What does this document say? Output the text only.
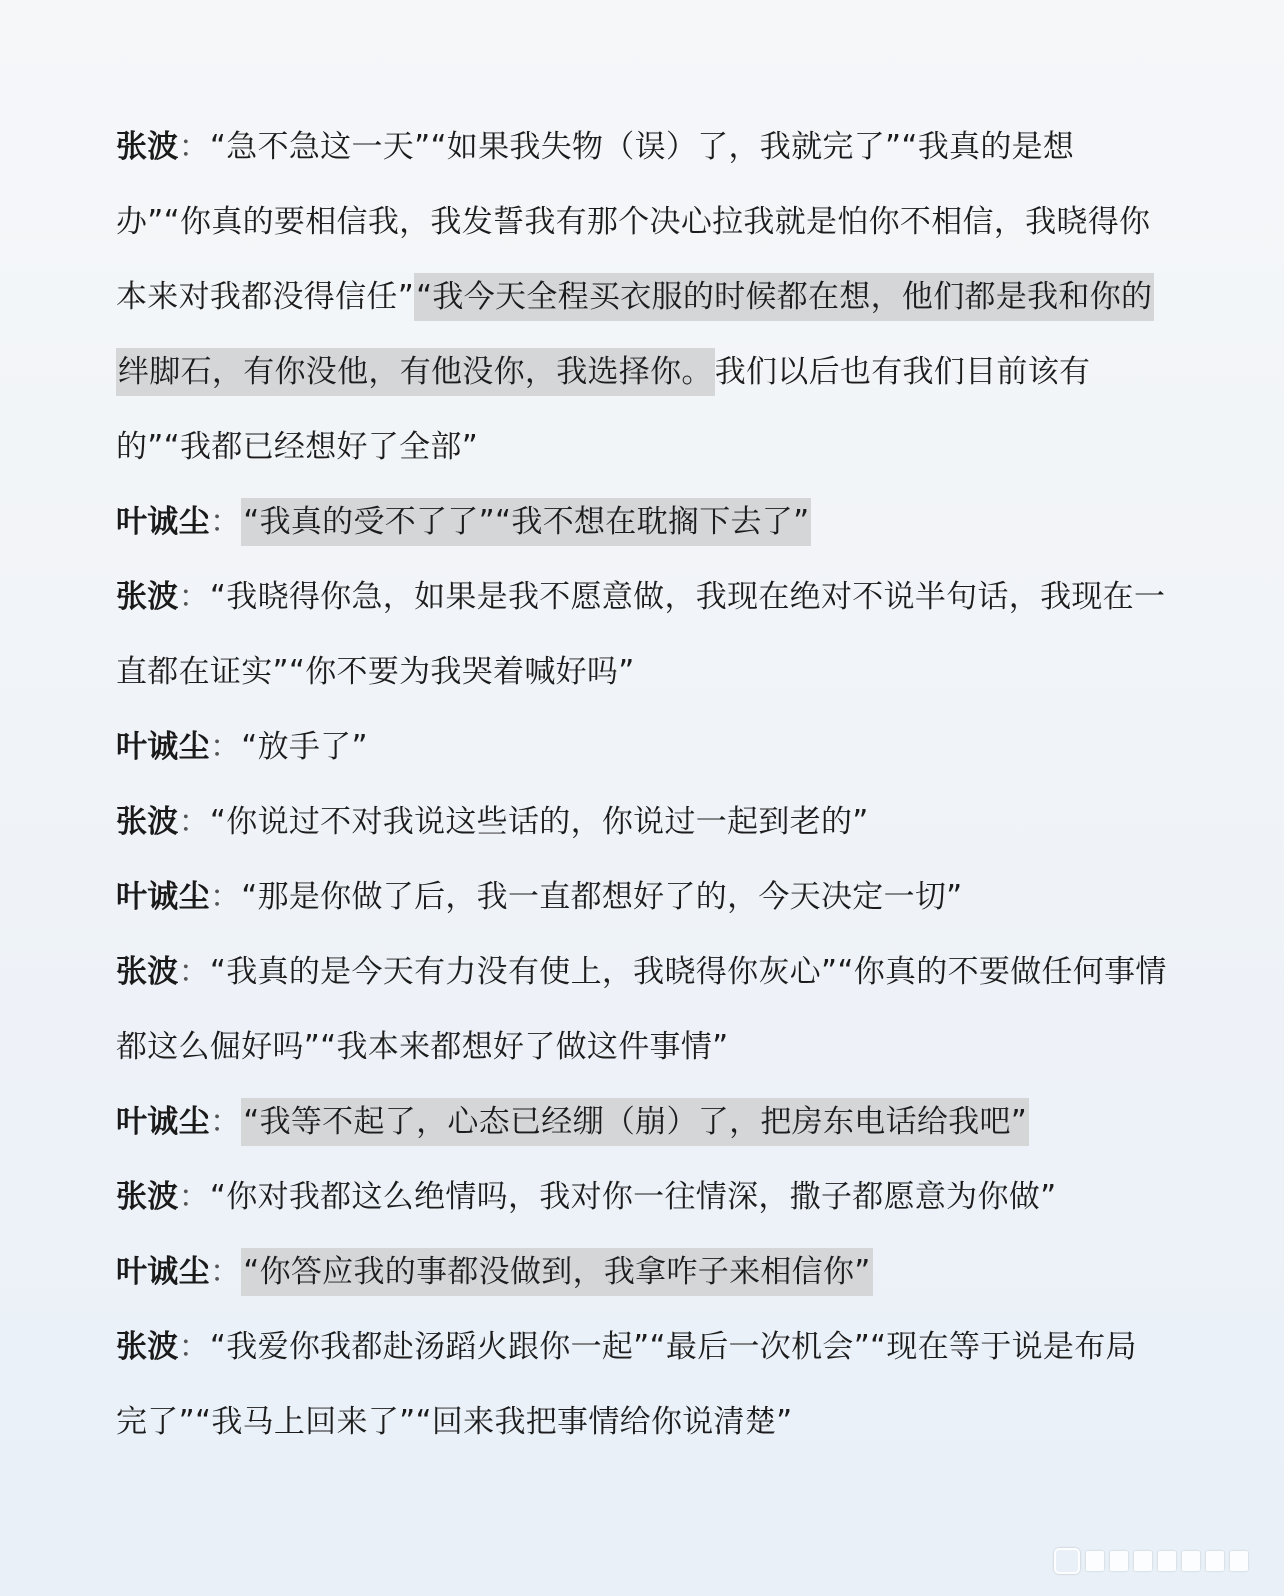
张波：“急不急这一天”“如果我失物（误）了，我就完了”“我真的是想办”“你真的要相信我，我发誓我有那个决心拉我就是怕你不相信，我晓得你本来对我都没得信任”“我今天全程买衣服的时候都在想，他们都是我和你的绊脚石，有你没他，有他没你，我选择你。我们以后也有我们目前该有的”“我都已经想好了全部”

叶诚尘：“我真的受不了了”“我不想在耽搁下去了”

张波：“我晓得你急，如果是我不愿意做，我现在绝对不说半句话，我现在一直都在证实”“你不要为我哭着喊好吗”

叶诚尘：“放手了”

张波：“你说过不对我说这些话的，你说过一起到老的”

叶诚尘：“那是你做了后，我一直都想好了的，今天决定一切”

张波：“我真的是今天有力没有使上，我晓得你灰心”“你真的不要做任何事情都这么倔好吗”“我本来都想好了做这件事情”

叶诚尘：“我等不起了，心态已经绷（崩）了，把房东电话给我吧”

张波：“你对我都这么绝情吗，我对你一往情深，撒子都愿意为你做”

叶诚尘：“你答应我的事都没做到，我拿咋子来相信你”

张波：“我爱你我都赴汤蹈火跟你一起”“最后一次机会”“现在等于说是布局完了”“我马上回来了”“回来我把事情给你说清楚”
